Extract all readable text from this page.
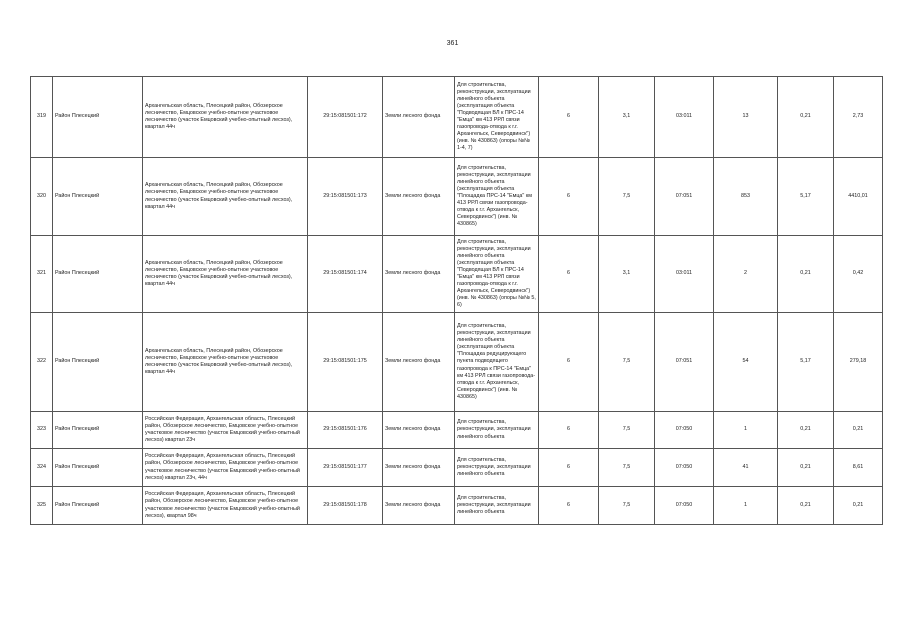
361
319	Район Плесецкий	Архангельская область, Плесецкий район, Обозерское лесничество, Емцовское учебно-опытное участковое лесничество (участок Емцовский учебно-опытный лесхоз), квартал 44ч	29:15:081501:172	Земли лесного фонда	Для строительства, реконструкции, эксплуатации линейного объекта (эксплуатация объекта "Подводящая ВЛ к ПРС-14 "Емца" км 413 РРЛ связи газопровода-отвода к г.г. Архангельск, Северодвинск") (инв. № 430863) (опоры №№ 1-4, 7)	6	3,1	03:011	13	0,21	2,73
320	Район Плесецкий	Архангельская область, Плесецкий район, Обозерское лесничество, Емцовское учебно-опытное участковое лесничество (участок Емцовский учебно-опытный лесхоз), квартал 44ч	29:15:081501:173	Земли лесного фонда	Для строительства, реконструкции, эксплуатации линейного объекта (эксплуатация объекта "Площадка ПРС-14 "Емца" км 413 РРЛ связи газопровода-отвода к г.г. Архангельск, Северодвинск") (инв. № 430865)	6	7,5	07:051	853	5,17	4410,01
321	Район Плесецкий	Архангельская область, Плесецкий район, Обозерское лесничество, Емцовское учебно-опытное участковое лесничество (участок Емцовский учебно-опытный лесхоз), квартал 44ч	29:15:081501:174	Земли лесного фонда	Для строительства, реконструкции, эксплуатации линейного объекта (эксплуатация объекта "Подводящая ВЛ к ПРС-14 "Емца" км 413 РРЛ связи газопровода-отвода к г.г. Архангельск, Северодвинск") (инв. № 430863) (опоры №№ 5, 6)	6	3,1	03:011	2	0,21	0,42
322	Район Плесецкий	Архангельская область, Плесецкий район, Обозерское лесничество, Емцовское учебно-опытное участковое лесничество (участок Емцовский учебно-опытный лесхоз), квартал 44ч	29:15:081501:175	Земли лесного фонда	Для строительства, реконструкции, эксплуатации линейного объекта (эксплуатация объекта "Площадка редуцирующего пункта подводящего газопровода к ПРС-14 "Емца" км 413 РРЛ связи газопровода-отвода к г.г. Архангельск, Северодвинск") (инв. № 430865)	6	7,5	07:051	54	5,17	279,18
323	Район Плесецкий	Российская Федерация, Архангельская область, Плесецкий район, Обозерское лесничество, Емцовское учебно-опытное участковое лесничество (участок Емцовский учебно-опытный лесхоз) квартал 23ч	29:15:081501:176	Земли лесного фонда	Для строительства, реконструкции, эксплуатации линейного объекта	6	7,5	07:050	1	0,21	0,21
324	Район Плесецкий	Российская Федерация, Архангельская область, Плесецкий район, Обозерское лесничество, Емцовское учебно-опытное участковое лесничество (участок Емцовский учебно-опытный лесхоз) квартал 23ч, 44ч	29:15:081501:177	Земли лесного фонда	Для строительства, реконструкции, эксплуатации линейного объекта	6	7,5	07:050	41	0,21	8,61
325	Район Плесецкий	Российская Федерация, Архангельская область, Плесецкий район, Обозерское лесничество, Емцовское учебно-опытное участковое лесничество (участок Емцовский учебно-опытный лесхоз), квартал 98ч	29:15:081501:178	Земли лесного фонда	Для строительства, реконструкции, эксплуатации линейного объекта	6	7,5	07:050	1	0,21	0,21
